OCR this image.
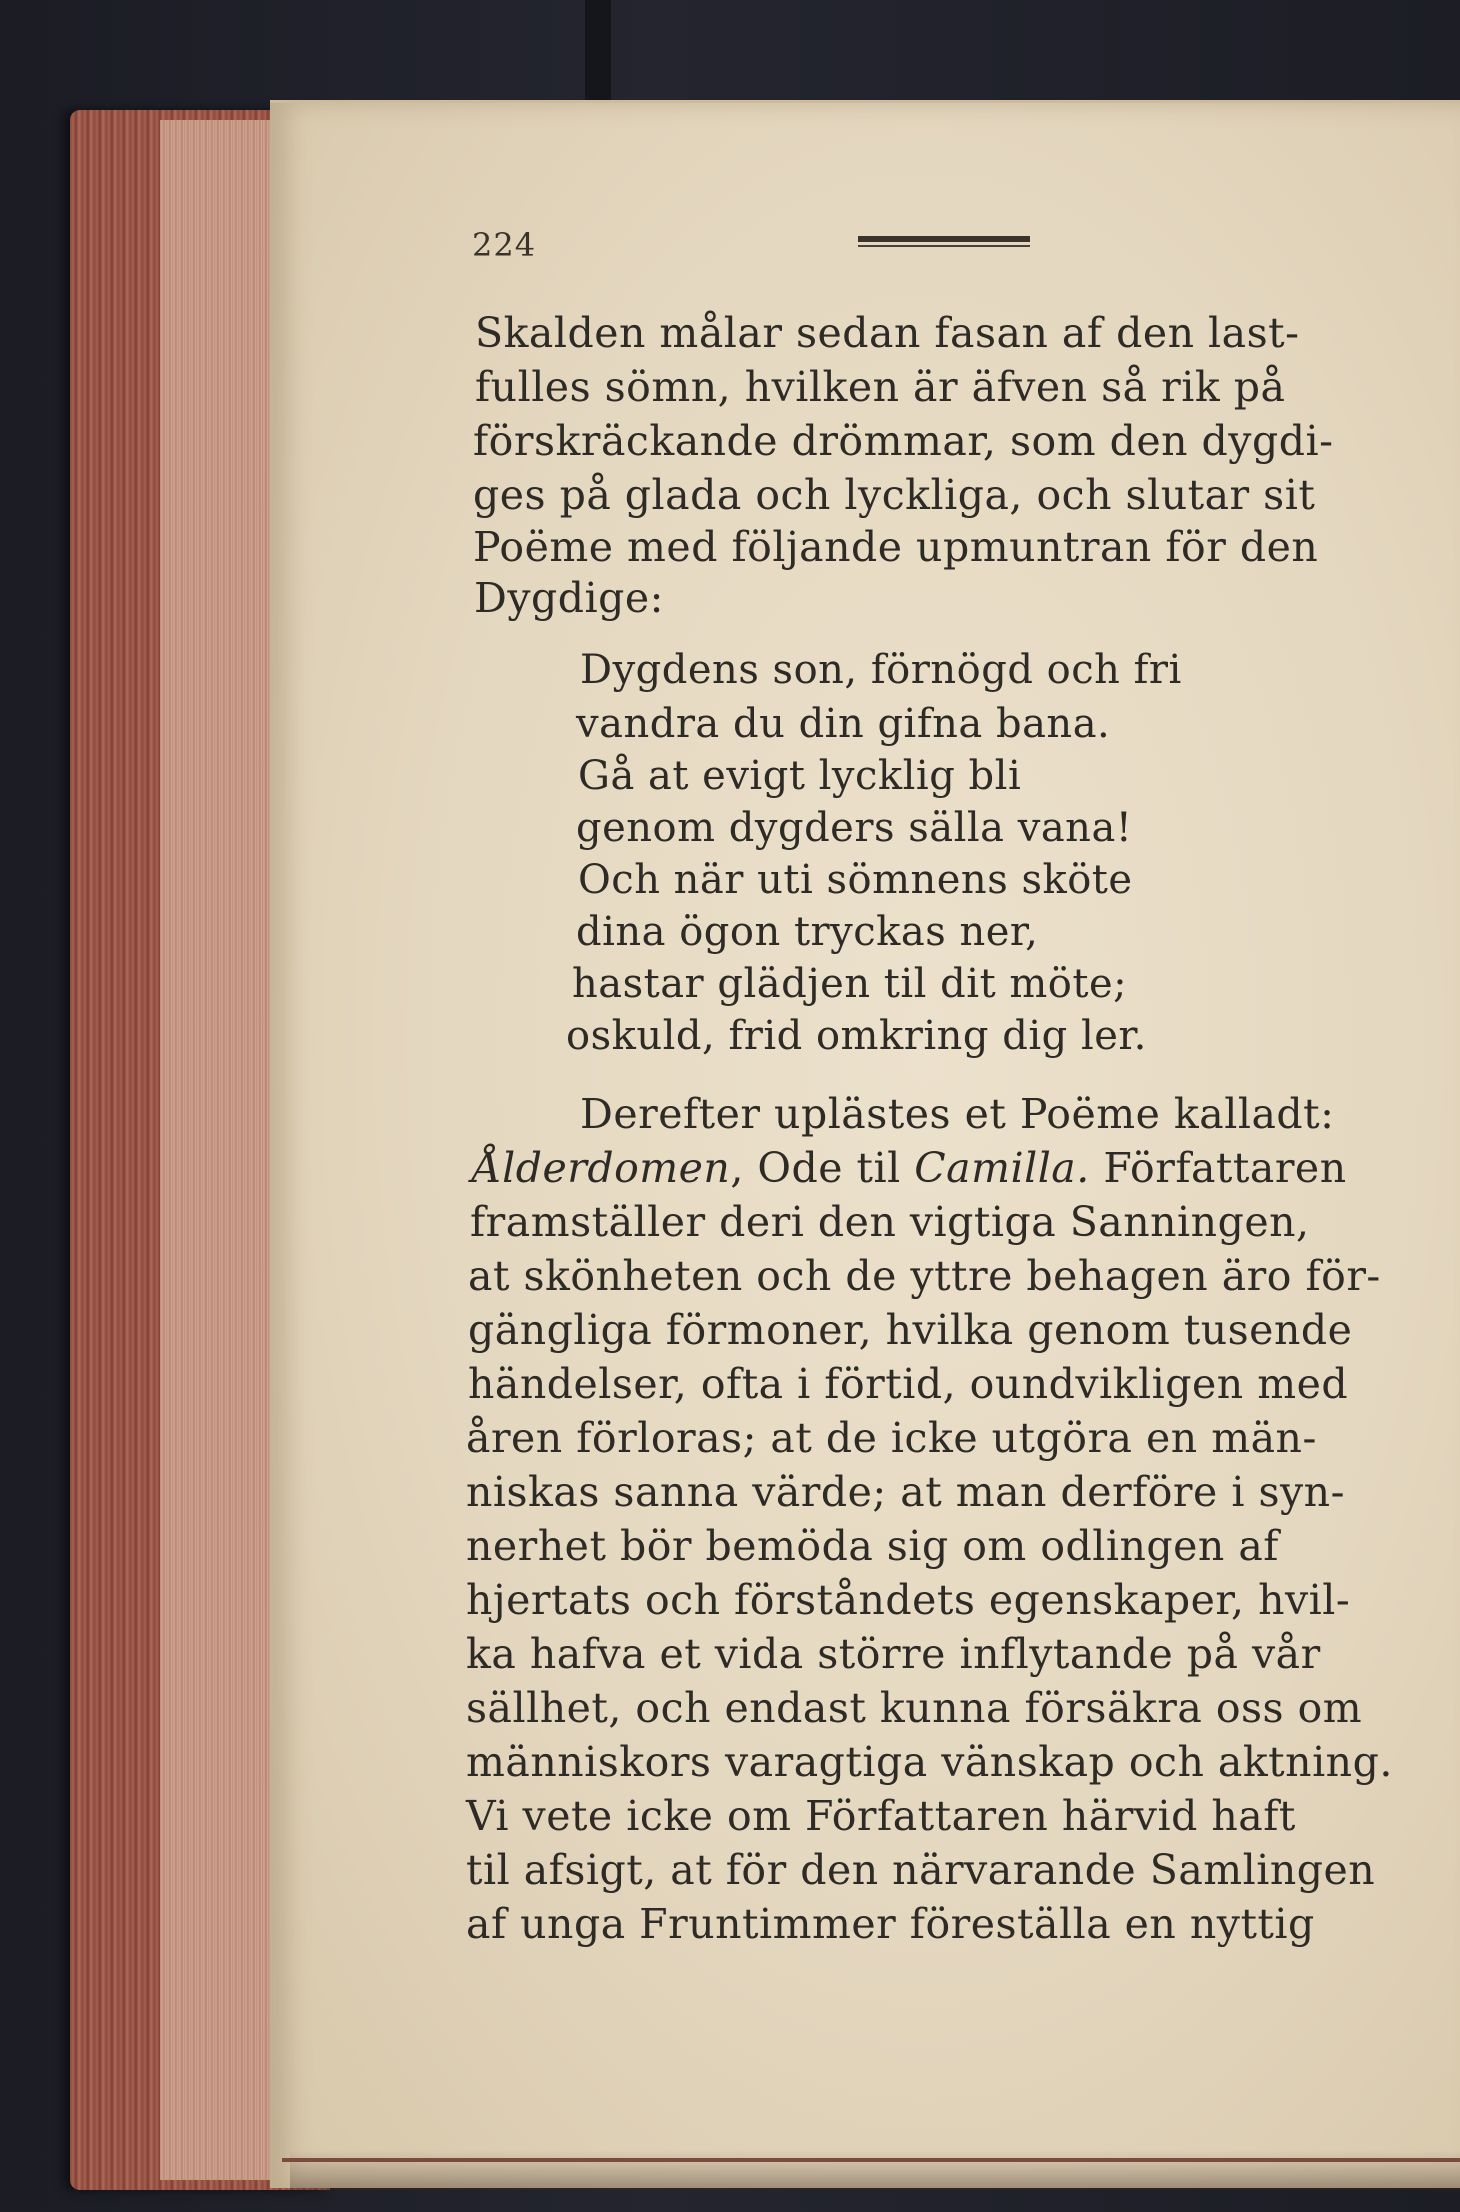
224
Skalden målar sedan fasan af den last-
fulles sömn, hvilken är äfven så rik på
förskräckande drömmar, som den dygdi-
ges på glada och lyckliga, och slutar sit
Poëme med följande upmuntran för den
Dygdige:
Dygdens son, förnögd och fri
vandra du din gifna bana.
Gå at evigt lycklig bli
genom dygders sälla vana!
Och när uti sömnens sköte
dina ögon tryckas ner,
hastar glädjen til dit möte;
oskuld, frid omkring dig ler.
Derefter uplästes et Poëme kalladt:
Ålderdomen, Ode til Camilla. Författaren
framställer deri den vigtiga Sanningen,
at skönheten och de yttre behagen äro för-
gängliga förmoner, hvilka genom tusende
händelser, ofta i förtid, oundvikligen med
åren förloras; at de icke utgöra en män-
niskas sanna värde; at man derföre i syn-
nerhet bör bemöda sig om odlingen af
hjertats och förståndets egenskaper, hvil-
ka hafva et vida större inflytande på vår
sällhet, och endast kunna försäkra oss om
människors varagtiga vänskap och aktning.
Vi vete icke om Författaren härvid haft
til afsigt, at för den närvarande Samlingen
af unga Fruntimmer föreställa en nyttig
